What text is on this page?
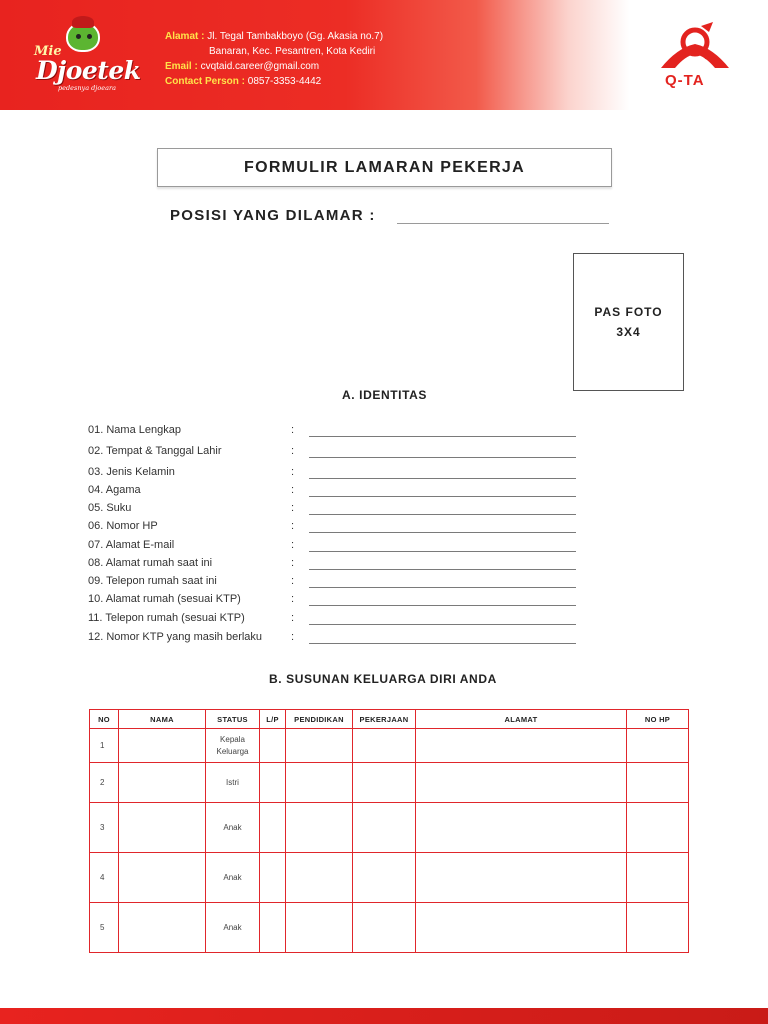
Mie
Djoetek
pedesnya djoeara
Alamat : Jl. Tegal Tambakboyo (Gg. Akasia no.7)
Banaran, Kec. Pesantren, Kota Kediri
Email : cvqtaid.career@gmail.com
Contact Person : 0857-3353-4442	Q-TA
FORMULIR LAMARAN PEKERJA
POSISI YANG DILAMAR :
PAS FOTO
3X4
A. IDENTITAS
01. Nama Lengkap	:
02. Tempat & Tanggal Lahir	:
03. Jenis Kelamin	:
04. Agama	:
05. Suku	:
06. Nomor HP	:
07. Alamat E-mail	:
08. Alamat rumah saat ini	:
09. Telepon rumah saat ini	:
10. Alamat rumah (sesuai KTP)	:
11. Telepon rumah (sesuai KTP)	:
12. Nomor KTP yang masih berlaku	:
B. SUSUNAN KELUARGA DIRI ANDA
NO	NAMA	STATUS	L/P	PENDIDIKAN	PEKERJAAN	ALAMAT	NO HP
1		Kepala Keluarga					
2		Istri					
3		Anak					
4		Anak					
5		Anak					
